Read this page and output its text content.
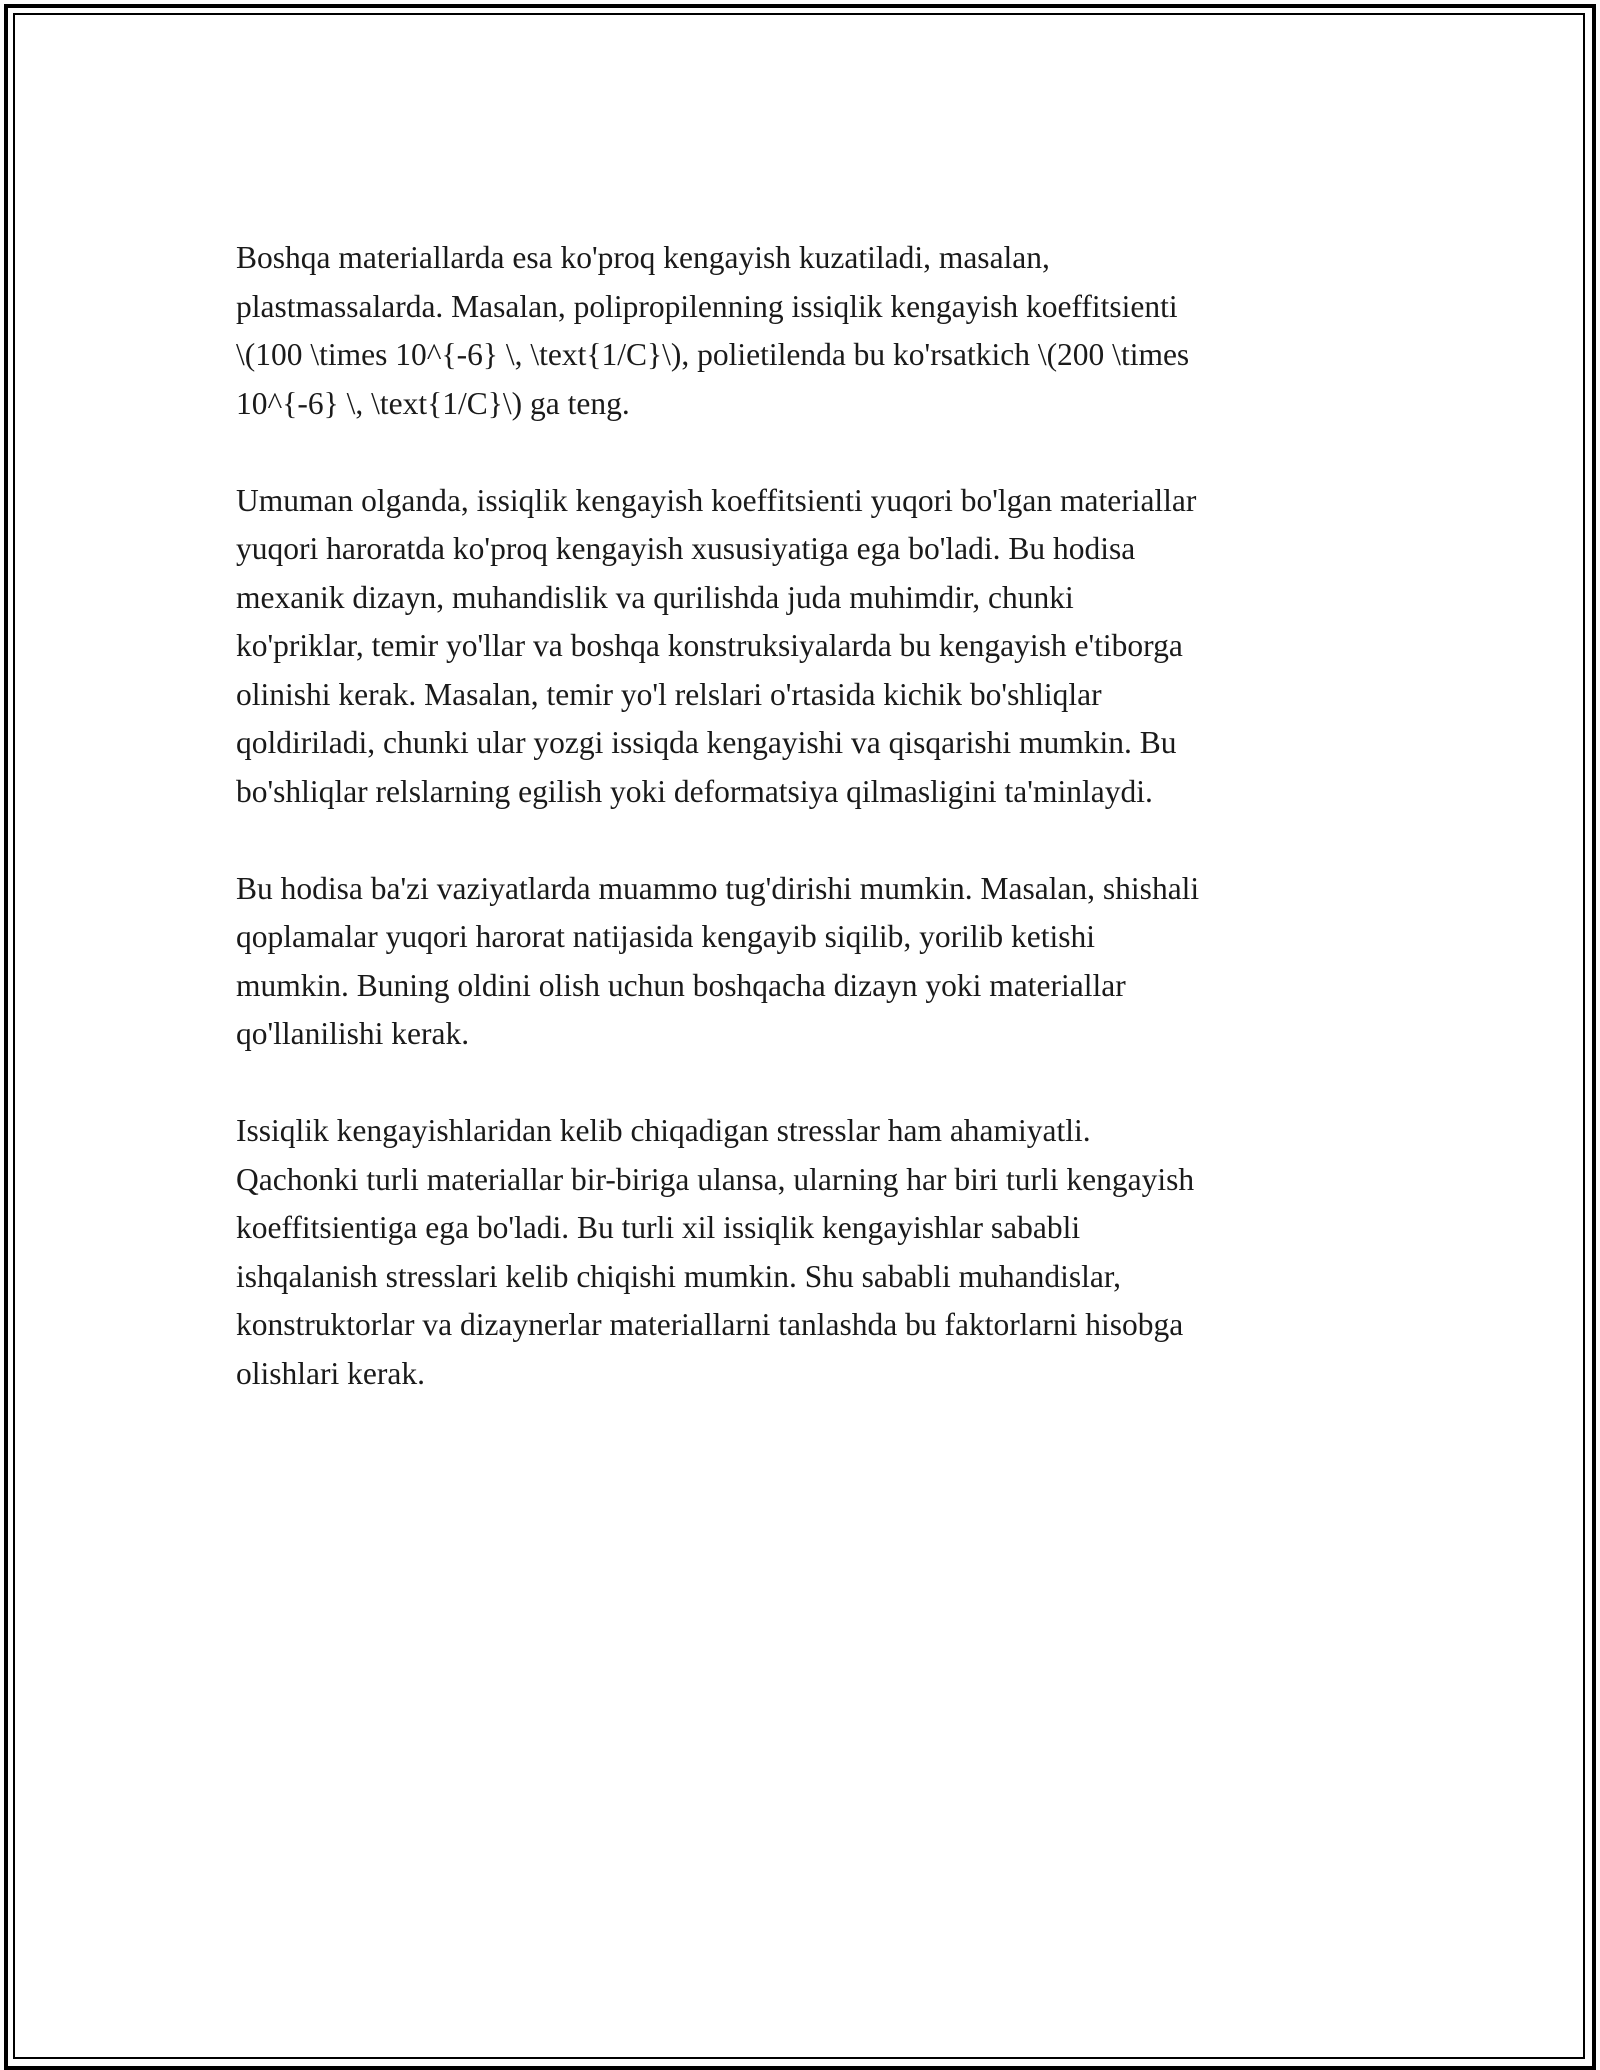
Boshqa materiallarda esa ko'proq kengayish kuzatiladi, masalan,
plastmassalarda. Masalan, polipropilenning issiqlik kengayish koeffitsienti
\(100 \times 10^{-6} \, \text{1/C}\), polietilenda bu ko'rsatkich \(200 \times
10^{-6} \, \text{1/C}\) ga teng.

Umuman olganda, issiqlik kengayish koeffitsienti yuqori bo'lgan materiallar
yuqori haroratda ko'proq kengayish xususiyatiga ega bo'ladi. Bu hodisa
mexanik dizayn, muhandislik va qurilishda juda muhimdir, chunki
ko'priklar, temir yo'llar va boshqa konstruksiyalarda bu kengayish e'tiborga
olinishi kerak. Masalan, temir yo'l relslari o'rtasida kichik bo'shliqlar
qoldiriladi, chunki ular yozgi issiqda kengayishi va qisqarishi mumkin. Bu
bo'shliqlar relslarning egilish yoki deformatsiya qilmasligini ta'minlaydi.

Bu hodisa ba'zi vaziyatlarda muammo tug'dirishi mumkin. Masalan, shishali
qoplamalar yuqori harorat natijasida kengayib siqilib, yorilib ketishi
mumkin. Buning oldini olish uchun boshqacha dizayn yoki materiallar
qo'llanilishi kerak.

Issiqlik kengayishlaridan kelib chiqadigan stresslar ham ahamiyatli.
Qachonki turli materiallar bir-biriga ulansa, ularning har biri turli kengayish
koeffitsientiga ega bo'ladi. Bu turli xil issiqlik kengayishlar sababli
ishqalanish stresslari kelib chiqishi mumkin. Shu sababli muhandislar,
konstruktorlar va dizaynerlar materiallarni tanlashda bu faktorlarni hisobga
olishlari kerak.
